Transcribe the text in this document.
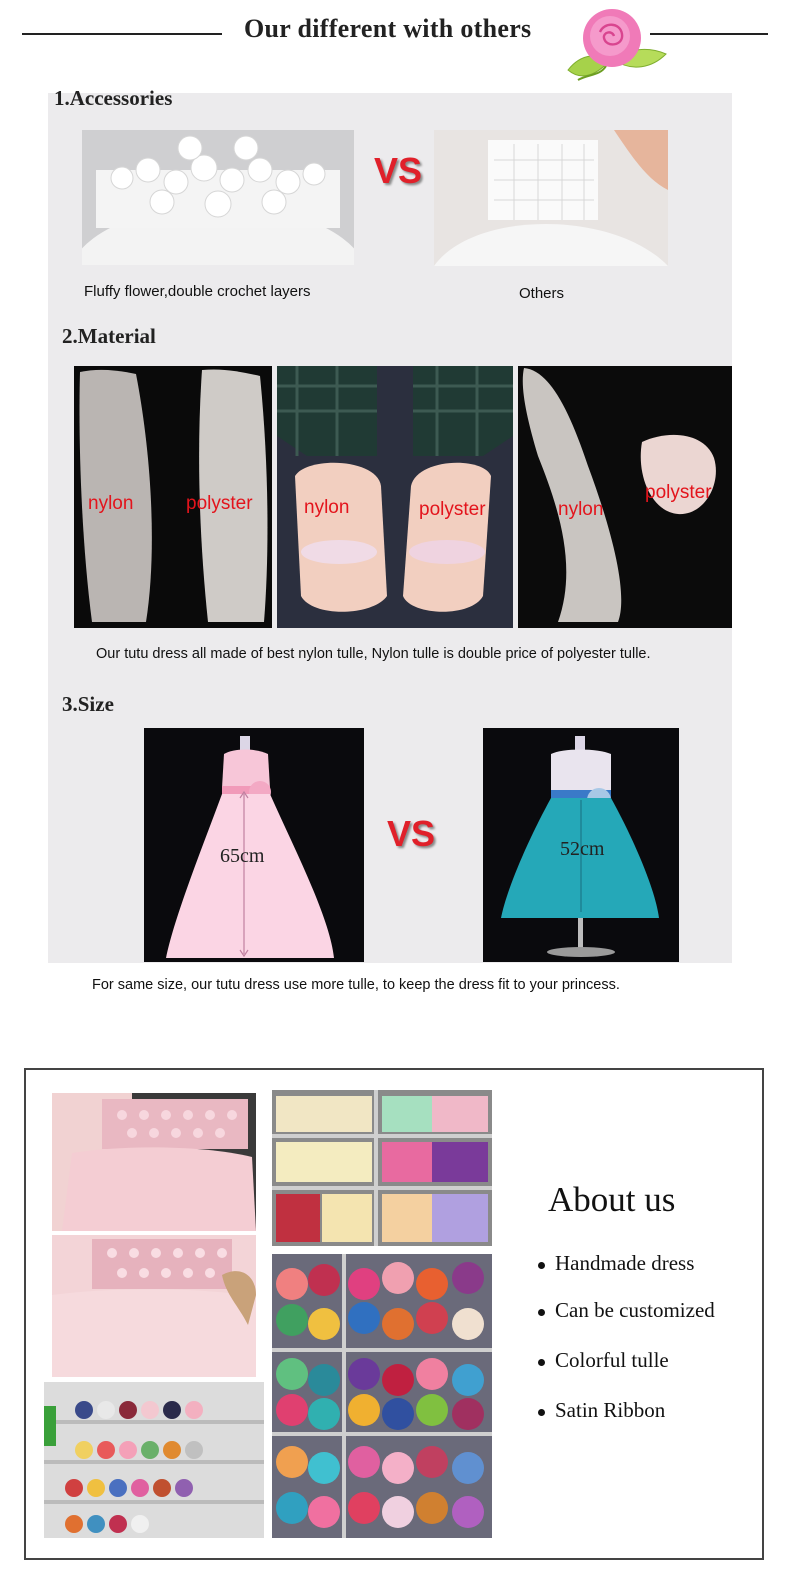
Our different with others
1.Accessories
VS
Fluffy flower,double crochet layers	Others
2.Material
nylon	polyster	nylon	polyster	nylon
polyster
Our tutu dress all made of best nylon tulle, Nylon tulle is double price of polyester tulle.
3.Size
65cm
VS	52cm
For same size, our tutu dress use more tulle, to keep the dress fit to your princess.
About us
Handmade dress
Can be customized
Colorful tulle
Satin Ribbon
